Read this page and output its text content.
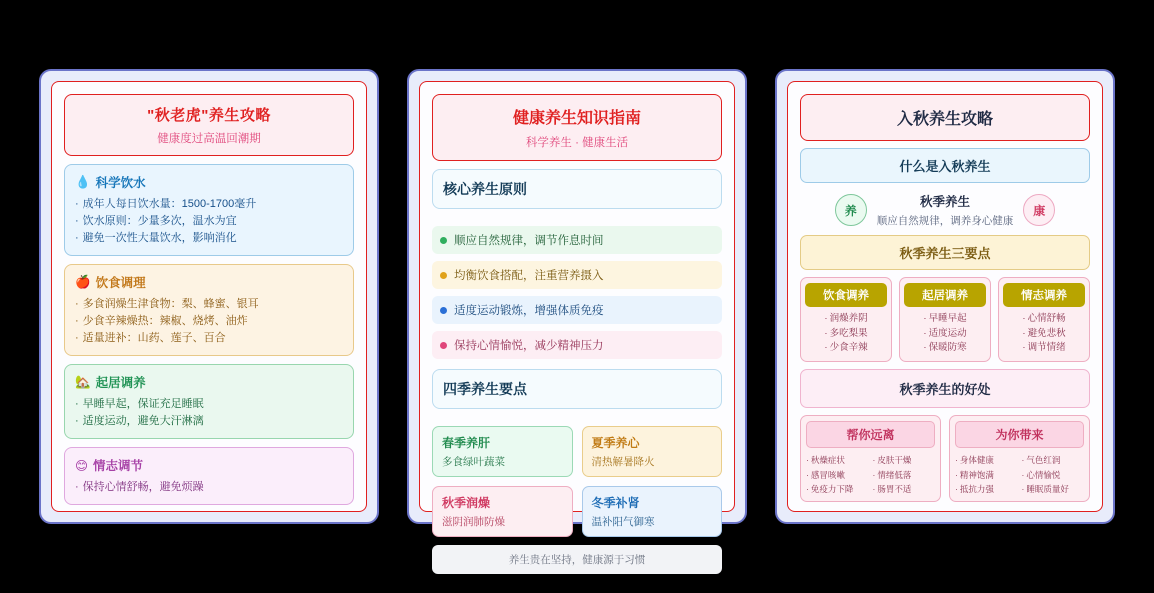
"秋老虎"养生攻略
健康度过高温回潮期
💧 科学饮水
· 成年人每日饮水量：1500-1700毫升
· 饮水原则：少量多次，温水为宜
· 避免一次性大量饮水，影响消化
🍎 饮食调理
· 多食润燥生津食物：梨、蜂蜜、银耳
· 少食辛辣燥热：辣椒、烧烤、油炸
· 适量进补：山药、莲子、百合
🏡 起居调养
· 早睡早起，保证充足睡眠
· 适度运动，避免大汗淋漓
😊 情志调节
· 保持心情舒畅，避免烦躁
健康养生知识指南
科学养生 · 健康生活
核心养生原则
顺应自然规律，调节作息时间
均衡饮食搭配，注重营养摄入
适度运动锻炼，增强体质免疫
保持心情愉悦，减少精神压力
四季养生要点
春季养肝
多食绿叶蔬菜
夏季养心
清热解暑降火
秋季润燥
滋阴润肺防燥
冬季补肾
温补阳气御寒
养生贵在坚持，健康源于习惯
入秋养生攻略
什么是入秋养生
养
秋季养生
顺应自然规律，调养身心健康
康
秋季养生三要点
饮食调养
· 润燥养阴
· 多吃梨果
· 少食辛辣
起居调养
· 早睡早起
· 适度运动
· 保暖防寒
情志调养
· 心情舒畅
· 避免悲秋
· 调节情绪
秋季养生的好处
帮你远离
· 秋燥症状
· 感冒咳嗽
· 免疫力下降
· 皮肤干燥
· 情绪低落
· 肠胃不适
为你带来
· 身体健康
· 精神饱满
· 抵抗力强
· 气色红润
· 心情愉悦
· 睡眠质量好
